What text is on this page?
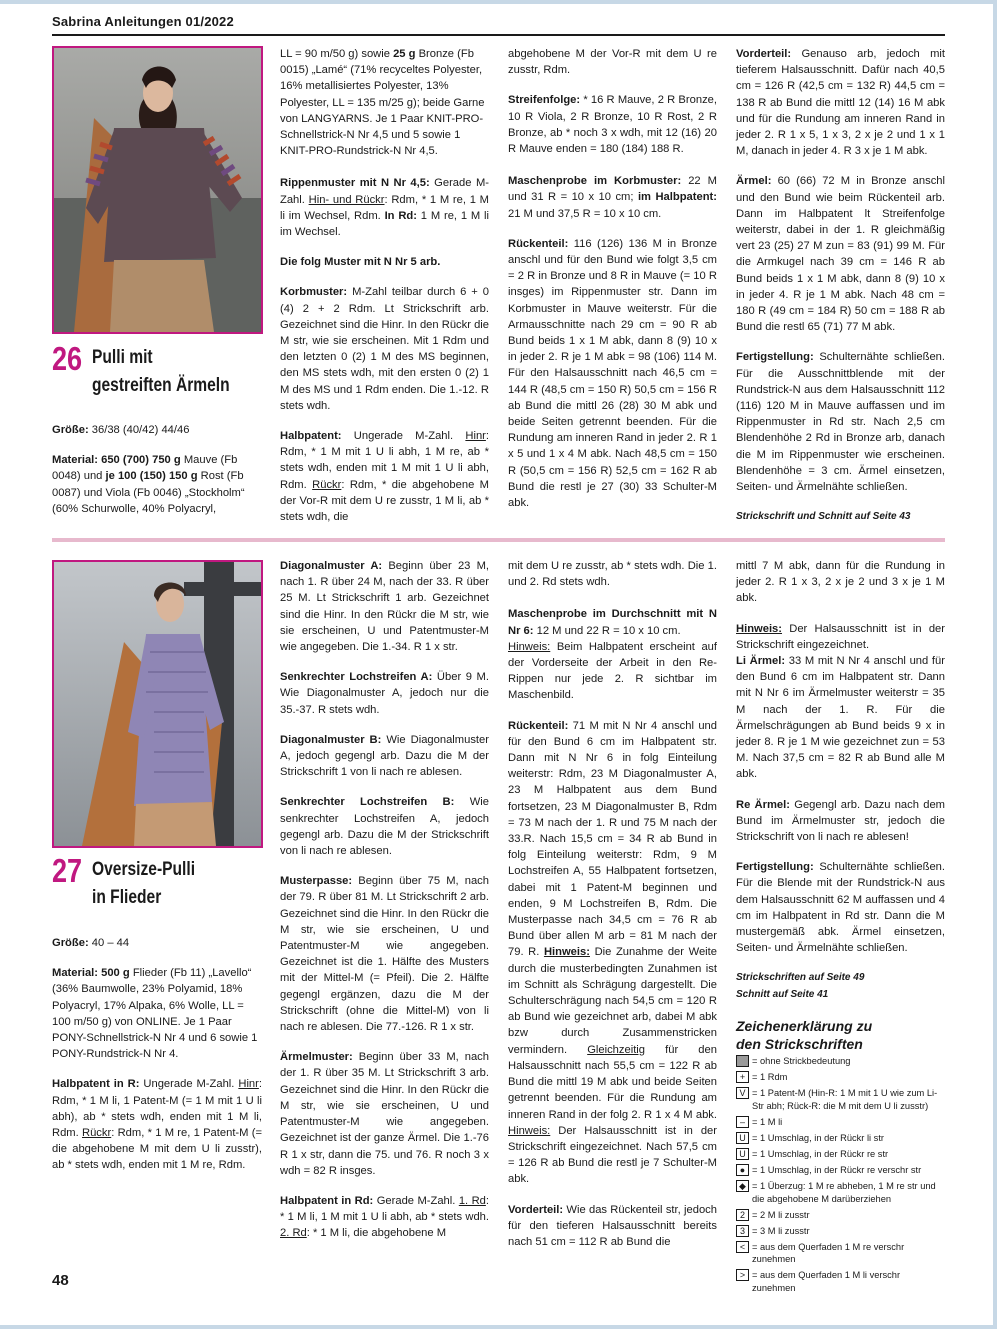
Sabrina Anleitungen 01/2022
48
26 Pulli mit
gestreiften Ärmeln

Größe: 36/38 (40/42) 44/46

Material: 650 (700) 750 g Mauve (Fb 0048) und je 100 (150) 150 g Rost (Fb 0087) und Viola (Fb 0046) „Stockholm“ (60% Schurwolle, 40% Polyacryl,

LL = 90 m/50 g) sowie 25 g Bronze (Fb 0015) „Lamé“ (71% recyceltes Polyester, 16% metallisiertes Polyester, 13% Polyester, LL = 135 m/25 g); beide Garne von LANGYARNS. Je 1 Paar KNIT-PRO-Schnellstrick-N Nr 4,5 und 5 sowie 1 KNIT-PRO-Rundstrick-N Nr 4,5.

Rippenmuster mit N Nr 4,5: Gerade M-Zahl. Hin- und Rückr: Rdm, * 1 M re, 1 M li im Wechsel, Rdm. In Rd: 1 M re, 1 M li im Wechsel.

Die folg Muster mit N Nr 5 arb.

Korbmuster: M-Zahl teilbar durch 6 + 0 (4) 2 + 2 Rdm. Lt Strickschrift arb. Gezeichnet sind die Hinr. In den Rückr die M str, wie sie erscheinen. Mit 1 Rdm und den letzten 0 (2) 1 M des MS beginnen, den MS stets wdh, mit den ersten 0 (2) 1 M des MS und 1 Rdm enden. Die 1.-12. R stets wdh.

Halbpatent: Ungerade M-Zahl. Hinr: Rdm, * 1 M mit 1 U li abh, 1 M re, ab * stets wdh, enden mit 1 M mit 1 U li abh, Rdm. Rückr: Rdm, * die abgehobene M der Vor-R mit dem U re zusstr, 1 M li, ab * stets wdh, die

abgehobene M der Vor-R mit dem U re zusstr, Rdm.

Streifenfolge: * 16 R Mauve, 2 R Bronze, 10 R Viola, 2 R Bronze, 10 R Rost, 2 R Bronze, ab * noch 3 x wdh, mit 12 (16) 20 R Mauve enden = 180 (184) 188 R.

Maschenprobe im Korbmuster: 22 M und 31 R = 10 x 10 cm; im Halbpatent: 21 M und 37,5 R = 10 x 10 cm.

Rückenteil: 116 (126) 136 M in Bronze anschl und für den Bund wie folgt 3,5 cm = 2 R in Bronze und 8 R in Mauve (= 10 R insges) im Rippenmuster str. Dann im Korbmuster in Mauve weiterstr. Für die Armausschnitte nach 29 cm = 90 R ab Bund beids 1 x 1 M abk, dann 8 (9) 10 x in jeder 2. R je 1 M abk = 98 (106) 114 M. Für den Halsausschnitt nach 46,5 cm = 144 R (48,5 cm = 150 R) 50,5 cm = 156 R ab Bund die mittl 26 (28) 30 M abk und beide Seiten getrennt beenden. Für die Rundung am inneren Rand in jeder 2. R 1 x 5 und 1 x 4 M abk. Nach 48,5 cm = 150 R (50,5 cm = 156 R) 52,5 cm = 162 R ab Bund die restl je 27 (30) 33 Schulter-M abk.

Vorderteil: Genauso arb, jedoch mit tieferem Halsausschnitt. Dafür nach 40,5 cm = 126 R (42,5 cm = 132 R) 44,5 cm = 138 R ab Bund die mittl 12 (14) 16 M abk und für die Rundung am inneren Rand in jeder 2. R 1 x 5, 1 x 3, 2 x je 2 und 1 x 1 M, danach in jeder 4. R 3 x je 1 M abk.

Ärmel: 60 (66) 72 M in Bronze anschl und den Bund wie beim Rückenteil arb. Dann im Halbpatent lt Streifenfolge weiterstr, dabei in der 1. R gleichmäßig vert 23 (25) 27 M zun = 83 (91) 99 M. Für die Armkugel nach 39 cm = 146 R ab Bund beids 1 x 1 M abk, dann 8 (9) 10 x in jeder 4. R je 1 M abk. Nach 48 cm = 180 R (49 cm = 184 R) 50 cm = 188 R ab Bund die restl 65 (71) 77 M abk.

Fertigstellung: Schulternähte schließen. Für die Ausschnittblende mit der Rundstrick-N aus dem Halsausschnitt 112 (116) 120 M in Mauve auffassen und im Rippenmuster in Rd str. Nach 2,5 cm Blendenhöhe 2 Rd in Bronze arb, danach die M im Rippenmuster wie erscheinen. Blendenhöhe = 3 cm. Ärmel einsetzen, Seiten- und Ärmelnähte schließen.

Strickschrift und Schnitt auf Seite 43

27 Oversize-Pulli
in Flieder

Größe: 40 – 44

Material: 500 g Flieder (Fb 11) „Lavello“ (36% Baumwolle, 23% Polyamid, 18% Polyacryl, 17% Alpaka, 6% Wolle, LL = 100 m/50 g) von ONLINE. Je 1 Paar PONY-Schnellstrick-N Nr 4 und 6 sowie 1 PONY-Rundstrick-N Nr 4.

Halbpatent in R: Ungerade M-Zahl. Hinr: Rdm, * 1 M li, 1 Patent-M (= 1 M mit 1 U li abh), ab * stets wdh, enden mit 1 M li, Rdm. Rückr: Rdm, * 1 M re, 1 Patent-M (= die abgehobene M mit dem U li zusstr), ab * stets wdh, enden mit 1 M re, Rdm.

Diagonalmuster A: Beginn über 23 M, nach 1. R über 24 M, nach der 33. R über 25 M. Lt Strickschrift 1 arb. Gezeichnet sind die Hinr. In den Rückr die M str, wie sie erscheinen, U und Patentmuster-M wie angegeben. Die 1.-34. R 1 x str.

Senkrechter Lochstreifen A: Über 9 M. Wie Diagonalmuster A, jedoch nur die 35.-37. R stets wdh.

Diagonalmuster B: Wie Diagonalmuster A, jedoch gegengl arb. Dazu die M der Strickschrift 1 von li nach re ablesen.

Senkrechter Lochstreifen B: Wie senkrechter Lochstreifen A, jedoch gegengl arb. Dazu die M der Strickschrift von li nach re ablesen.

Musterpasse: Beginn über 75 M, nach der 79. R über 81 M. Lt Strickschrift 2 arb. Gezeichnet sind die Hinr. In den Rückr die M str, wie sie erscheinen, U und Patentmuster-M wie angegeben. Gezeichnet ist die 1. Hälfte des Musters mit der Mittel-M (= Pfeil). Die 2. Hälfte gegengl ergänzen, dazu die M der Strickschrift (ohne die Mittel-M) von li nach re ablesen. Die 77.-126. R 1 x str.

Ärmelmuster: Beginn über 33 M, nach der 1. R über 35 M. Lt Strickschrift 3 arb. Gezeichnet sind die Hinr. In den Rückr die M str, wie sie erscheinen, U und Patentmuster-M wie angegeben. Gezeichnet ist der ganze Ärmel. Die 1.-76 R 1 x str, dann die 75. und 76. R noch 3 x wdh = 82 R insges.

Halbpatent in Rd: Gerade M-Zahl. 1. Rd: * 1 M li, 1 M mit 1 U li abh, ab * stets wdh. 2. Rd: * 1 M li, die abgehobene M

mit dem U re zusstr, ab * stets wdh. Die 1. und 2. Rd stets wdh.

Maschenprobe im Durchschnitt mit N Nr 6: 12 M und 22 R = 10 x 10 cm.

Hinweis: Beim Halbpatent erscheint auf der Vorderseite der Arbeit in den Re-Rippen nur jede 2. R sichtbar im Maschenbild.

Rückenteil: 71 M mit N Nr 4 anschl und für den Bund 6 cm im Halbpatent str. Dann mit N Nr 6 in folg Einteilung weiterstr: Rdm, 23 M Diagonalmuster A, 23 M Halbpatent aus dem Bund fortsetzen, 23 M Diagonalmuster B, Rdm = 73 M nach der 1. R und 75 M nach der 33.R. Nach 15,5 cm = 34 R ab Bund in folg Einteilung weiterstr: Rdm, 9 M Lochstreifen A, 55 Halbpatent fortsetzen, dabei mit 1 Patent-M beginnen und enden, 9 M Lochstreifen B, Rdm. Die Musterpasse nach 34,5 cm = 76 R ab Bund über allen M arb = 81 M nach der 79. R. Hinweis: Die Zunahme der Weite durch die musterbedingten Zunahmen ist im Schnitt als Schrägung dargestellt. Die Schulterschrägung nach 54,5 cm = 120 R ab Bund wie gezeichnet arb, dabei M abk bzw durch Zusammenstricken vermindern. Gleichzeitig für den Halsausschnitt nach 55,5 cm = 122 R ab Bund die mittl 19 M abk und beide Seiten getrennt beenden. Für die Rundung am inneren Rand in der folg 2. R 1 x 4 M abk. Hinweis: Der Halsausschnitt ist in der Strickschrift eingezeichnet. Nach 57,5 cm = 126 R ab Bund die restl je 7 Schulter-M abk.

Vorderteil: Wie das Rückenteil str, jedoch für den tieferen Halsausschnitt bereits nach 51 cm = 112 R ab Bund die

mittl 7 M abk, dann für die Rundung in jeder 2. R 1 x 3, 2 x je 2 und 3 x je 1 M abk.

Hinweis: Der Halsausschnitt ist in der Strickschrift eingezeichnet.

Li Ärmel: 33 M mit N Nr 4 anschl und für den Bund 6 cm im Halbpatent str. Dann mit N Nr 6 im Ärmelmuster weiterstr = 35 M nach der 1. R. Für die Ärmelschrägungen ab Bund beids 9 x in jeder 8. R je 1 M wie gezeichnet zun = 53 M. Nach 37,5 cm = 82 R ab Bund alle M abk.

Re Ärmel: Gegengl arb. Dazu nach dem Bund im Ärmelmuster str, jedoch die Strickschrift von li nach re ablesen!

Fertigstellung: Schulternähte schließen. Für die Blende mit der Rundstrick-N aus dem Halsausschnitt 62 M auffassen und 4 cm im Halbpatent in Rd str. Dann die M mustergemäß abk. Ärmel einsetzen, Seiten- und Ärmelnähte schließen.

Strickschriften auf Seite 49

Schnitt auf Seite 41

Zeichenerklärung zu
den Strickschriften
= ohne Strickbedeutung
+ = 1 Rdm
V = 1 Patent-M (Hin-R: 1 M mit 1 U wie zum Li-Str abh; Rück-R: die M mit dem U li zusstr)
– = 1 M li
U = 1 Umschlag, in der Rückr li str
U = 1 Umschlag, in der Rückr re str
● = 1 Umschlag, in der Rückr re verschr str
◆ = 1 Überzug: 1 M re abheben, 1 M re str und die abgehobene M darüberziehen
2 = 2 M li zusstr
3 = 3 M li zusstr
< = aus dem Querfaden 1 M re verschr zunehmen
> = aus dem Querfaden 1 M li verschr zunehmen
